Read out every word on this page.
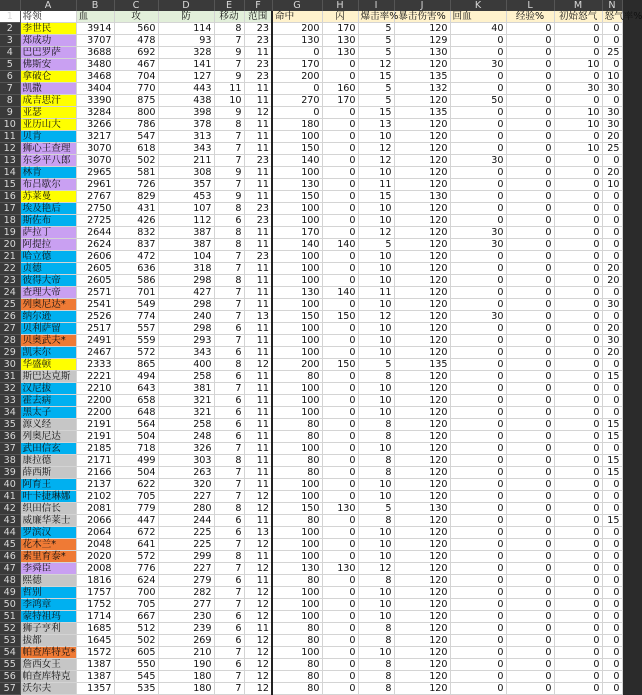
	A	B	C	D	E	F	G	H	I	J	K	L	M	N	
1	将领	血	攻	防	移动	范围	命中	闪	爆击率%	暴击伤害%	回血	经验%	初始怒气	怒气率%	
2	李世民	3914	560	114	8	23	200	170	5	120	40	0	0	0	
3	郑成功	3707	478	93	7	23	130	130	5	129	0	0	0	0	
4	巴巴罗萨	3688	692	328	9	11	0	130	5	130	0	0	0	25	
5	佛斯安	3480	467	141	7	23	170	0	12	120	30	0	10	0	
6	拿破仑	3468	704	127	9	23	200	0	15	135	0	0	0	10	
7	凯撒	3404	770	443	11	11	0	160	5	132	0	0	30	30	
8	成吉思汗	3390	875	438	10	11	270	170	5	120	50	0	0	0	
9	亚瑟	3284	800	398	9	12	0	0	15	135	0	0	10	30	
10	亚历山大	3266	786	378	8	11	180	0	13	120	0	0	10	30	
11	贝肯	3217	547	313	7	11	100	0	10	120	0	0	0	20	
12	狮心王查理	3070	618	343	7	11	150	0	12	120	0	0	10	25	
13	东乡平八郎	3070	502	211	7	23	140	0	12	120	30	0	0	0	
14	林肯	2965	581	308	9	11	100	0	10	120	0	0	0	20	
15	布吕歇尔	2961	726	357	7	11	130	0	11	120	0	0	0	10	
16	苏莱曼	2767	829	453	9	11	150	0	15	130	0	0	0	0	
17	埃及艳后	2750	431	107	8	23	100	0	10	120	0	0	0	0	
18	斯佐布	2725	426	112	6	23	100	0	10	120	0	0	0	0	
19	萨拉丁	2644	832	387	8	11	170	0	12	120	30	0	0	0	
20	阿提拉	2624	837	387	8	11	140	140	5	120	30	0	0	0	
21	哈立德	2606	472	104	7	23	100	0	10	120	0	0	0	0	
22	贞德	2605	636	318	7	11	100	0	10	120	0	0	0	20	
23	彼得大帝	2605	586	298	8	11	100	0	10	120	0	0	0	20	
24	查理大帝	2571	701	427	7	11	130	140	11	120	0	0	0	0	
25	列奥尼达*	2541	549	298	7	11	100	0	10	120	0	0	0	30	
26	纳尔逊	2526	774	240	7	13	150	150	12	120	30	0	0	0	
27	贝利萨留	2517	557	298	6	11	100	0	10	120	0	0	0	20	
28	贝奥武夫*	2491	559	293	7	11	100	0	10	120	0	0	0	30	
29	凯末尔	2467	572	343	6	11	100	0	10	120	0	0	0	20	
30	华盛顿	2333	865	400	8	12	200	150	5	135	0	0	0	0	
31	斯巴达克斯	2221	494	258	6	11	80	0	8	120	0	0	0	15	
32	汉尼拔	2210	643	381	7	11	100	0	10	120	0	0	0	0	
33	霍去病	2200	658	321	6	11	100	0	10	120	0	0	0	0	
34	黑太子	2200	648	321	6	11	100	0	10	120	0	0	0	0	
35	源义经	2191	564	258	6	11	80	0	8	120	0	0	0	15	
36	列奥尼达	2191	504	248	6	11	80	0	8	120	0	0	0	15	
37	武田信玄	2185	718	326	7	11	100	0	10	120	0	0	0	0	
38	康拉德	2171	499	303	8	11	80	0	8	120	0	0	0	15	
39	薛西斯	2166	504	263	7	11	80	0	8	120	0	0	0	15	
40	阿育王	2137	622	320	7	11	100	0	10	120	0	0	0	0	
41	叶卡捷琳娜	2102	705	227	7	12	100	0	10	120	0	0	0	0	
42	织田信长	2081	779	280	8	12	150	130	5	130	0	0	0	0	
43	威廉华莱士	2066	447	244	6	11	80	0	8	120	0	0	0	15	
44	罗滨汉	2064	672	225	6	13	100	0	10	120	0	0	0	0	
45	花木兰*	2048	641	225	7	12	100	0	10	120	0	0	0	0	
46	素里育泰*	2020	572	299	8	11	100	0	10	120	0	0	0	0	
47	李舜臣	2008	776	227	7	12	130	130	12	120	0	0	0	0	
48	熙德	1816	624	279	6	11	80	0	8	120	0	0	0	0	
49	哲别	1757	700	282	7	12	100	0	10	120	0	0	0	0	
50	李鸿章	1752	705	277	7	12	100	0	10	120	0	0	0	0	
51	蒙特祖玛	1714	667	230	6	12	100	0	10	120	0	0	0	0	
52	狮子亨利	1685	512	239	6	11	80	0	8	120	0	0	0	0	
53	拔都	1645	502	269	6	12	80	0	8	120	0	0	0	0	
54	帕查库特克*	1572	605	210	7	12	100	0	10	120	0	0	0	0	
55	詹西女王	1387	550	190	6	12	80	0	8	120	0	0	0	0	
56	帕查库特克	1387	545	180	7	12	80	0	8	120	0	0	0	0	
57	沃尔夫	1357	535	180	7	12	80	0	8	120	0	0	0	0	
